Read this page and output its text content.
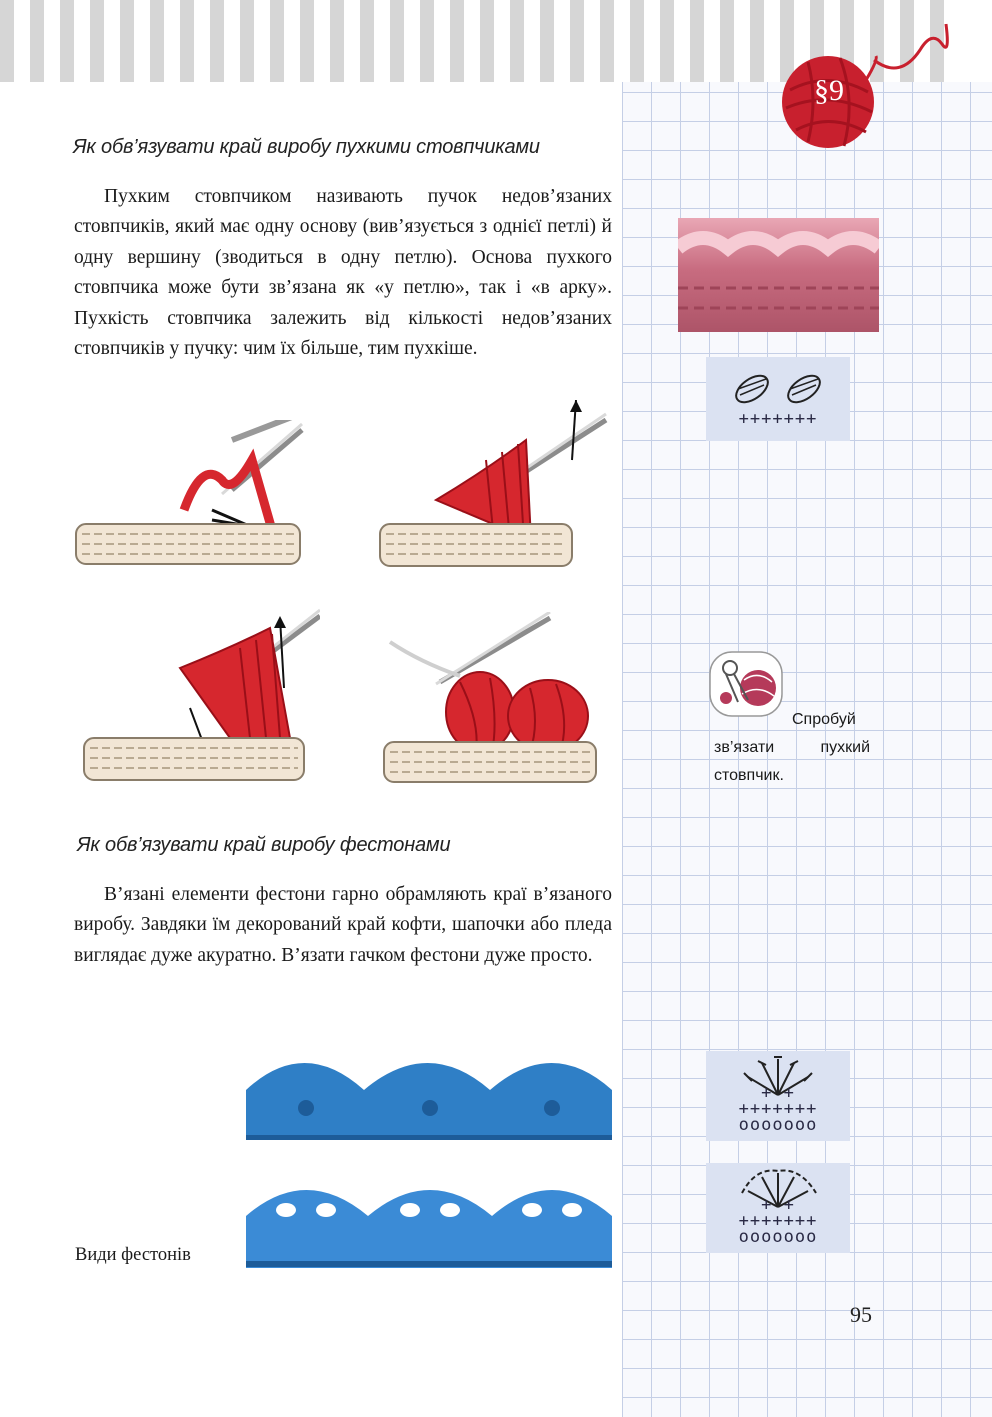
§9
Як обв’язувати край виробу пухкими стовпчиками

Пухким стовпчиком називають пучок недов’язаних стовпчиків, який має одну основу (вив’язується з однієї петлі) й одну вершину (зводиться в одну петлю). Основа пухкого стовпчика може бути зв’язана як «у петлю», так і «в арку». Пухкість стовпчика залежить від кількості недов’язаних стовпчиків у пучку: чим їх більше, тим пухкіше.

+++++++
Спробуй зв’язати пухкий стовпчик.
+ +
+++++++
ooooooo
+ +
+++++++
ooooooo
Як обв’язувати край виробу фестонами

В’язані елементи фестони гарно обрамляють краї в’язаного виробу. Завдяки їм декорований край кофти, шапочки або пледа виглядає дуже акуратно. В’язати гачком фестони дуже просто.

Види фестонів
95
